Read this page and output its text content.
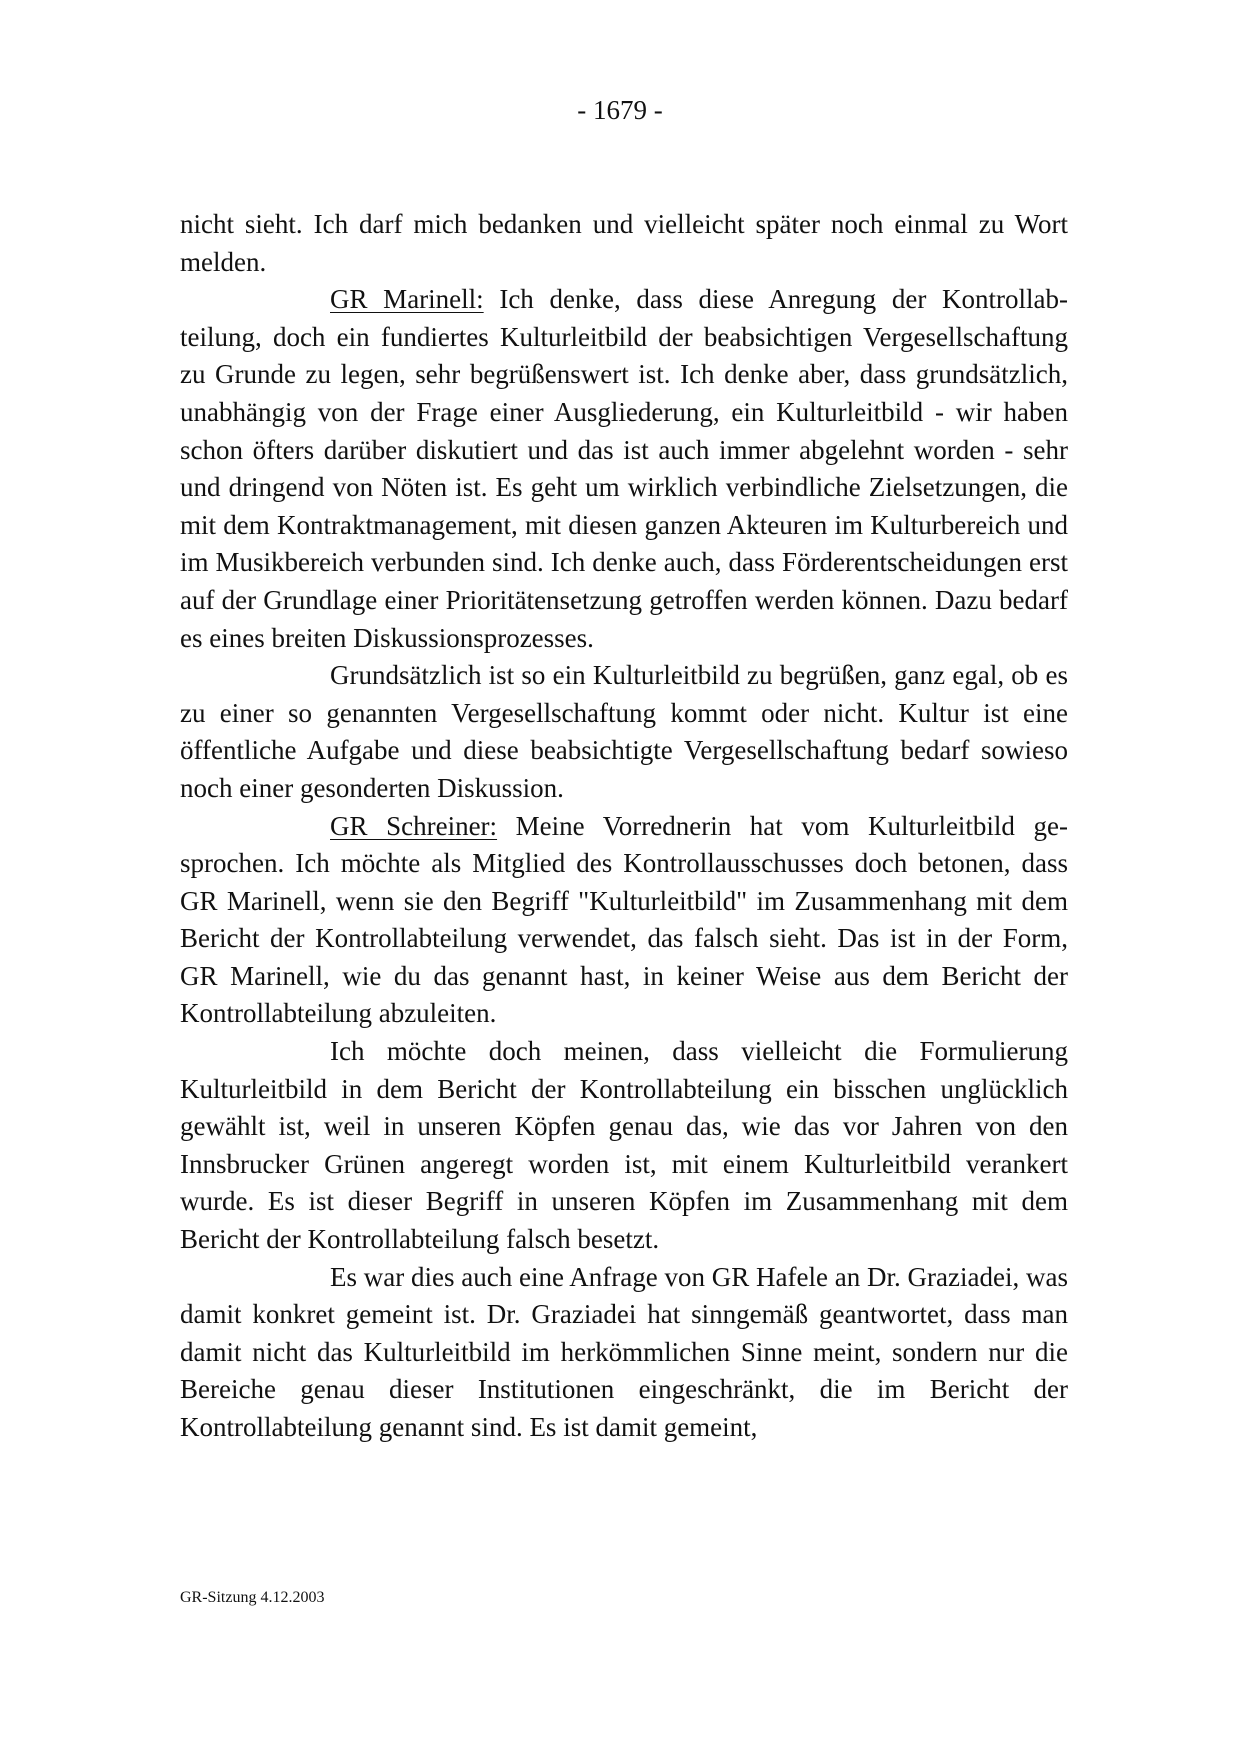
- 1679 -

nicht sieht. Ich darf mich bedanken und vielleicht später noch einmal zu Wort melden.

GR Marinell: Ich denke, dass diese Anregung der Kontrollabteilung, doch ein fundiertes Kulturleitbild der beabsichtigen Vergesellschaftung zu Grunde zu legen, sehr begrüßenswert ist. Ich denke aber, dass grundsätzlich, unabhängig von der Frage einer Ausgliederung, ein Kulturleitbild - wir haben schon öfters darüber diskutiert und das ist auch immer abgelehnt worden - sehr und dringend von Nöten ist. Es geht um wirklich verbindliche Zielsetzungen, die mit dem Kontraktmanagement, mit diesen ganzen Akteuren im Kulturbereich und im Musikbereich verbunden sind. Ich denke auch, dass Förderentscheidungen erst auf der Grundlage einer Prioritätensetzung getroffen werden können. Dazu bedarf es eines breiten Diskussionsprozesses.

Grundsätzlich ist so ein Kulturleitbild zu begrüßen, ganz egal, ob es zu einer so genannten Vergesellschaftung kommt oder nicht. Kultur ist eine öffentliche Aufgabe und diese beabsichtigte Vergesellschaftung bedarf sowieso noch einer gesonderten Diskussion.

GR Schreiner: Meine Vorrednerin hat vom Kulturleitbild gesprochen. Ich möchte als Mitglied des Kontrollausschusses doch betonen, dass GR Marinell, wenn sie den Begriff "Kulturleitbild" im Zusammenhang mit dem Bericht der Kontrollabteilung verwendet, das falsch sieht. Das ist in der Form, GR Marinell, wie du das genannt hast, in keiner Weise aus dem Bericht der Kontrollabteilung abzuleiten.

Ich möchte doch meinen, dass vielleicht die Formulierung Kulturleitbild in dem Bericht der Kontrollabteilung ein bisschen unglücklich gewählt ist, weil in unseren Köpfen genau das, wie das vor Jahren von den Innsbrucker Grünen angeregt worden ist, mit einem Kulturleitbild verankert wurde. Es ist dieser Begriff in unseren Köpfen im Zusammenhang mit dem Bericht der Kontrollabteilung falsch besetzt.

Es war dies auch eine Anfrage von GR Hafele an Dr. Graziadei, was damit konkret gemeint ist. Dr. Graziadei hat sinngemäß geantwortet, dass man damit nicht das Kulturleitbild im herkömmlichen Sinne meint, sondern nur die Bereiche genau dieser Institutionen eingeschränkt, die im Bericht der Kontrollabteilung genannt sind. Es ist damit gemeint,

GR-Sitzung 4.12.2003
